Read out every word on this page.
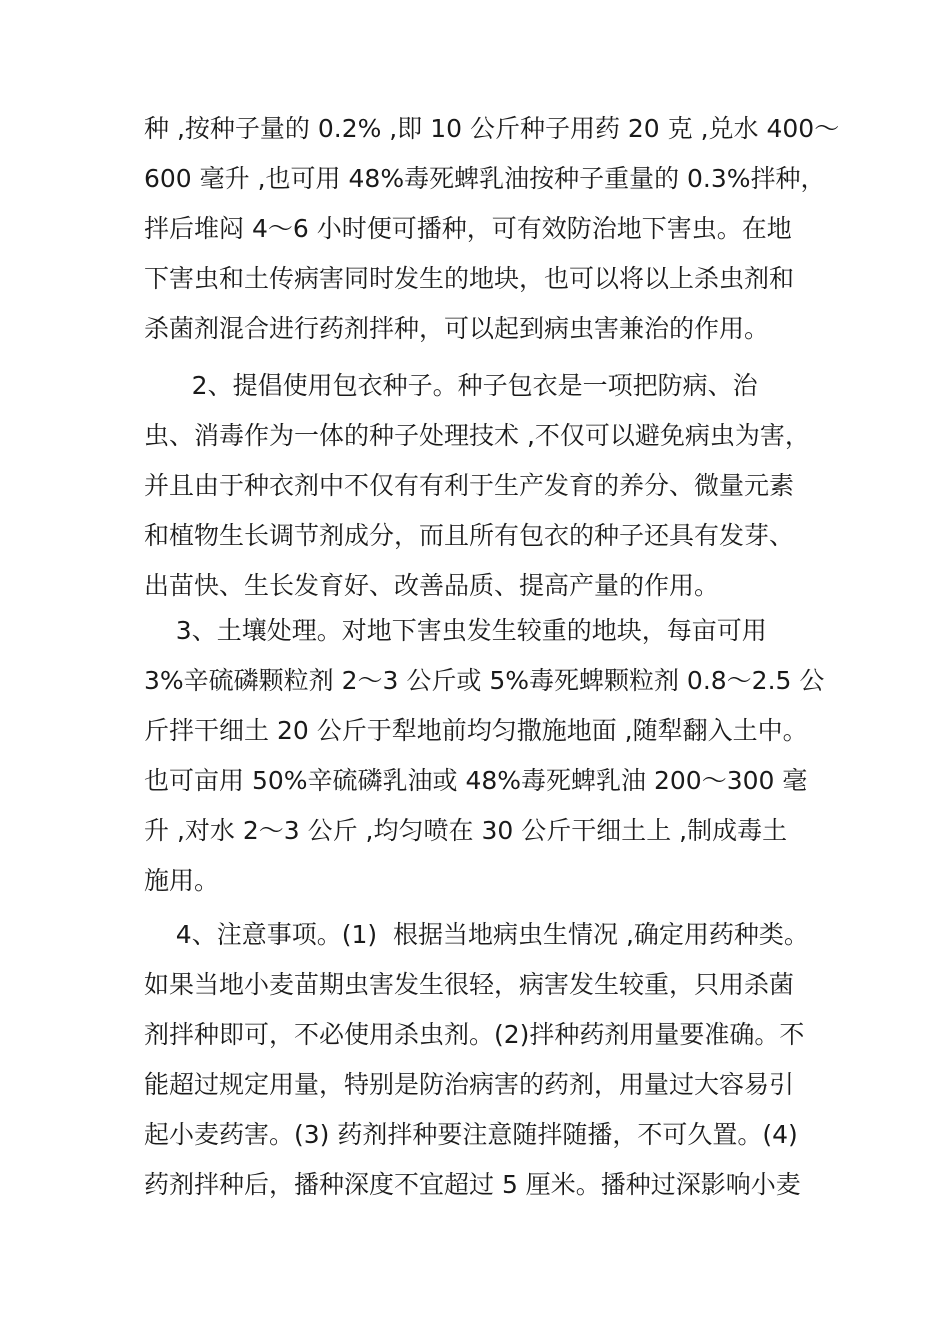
种 ,按种子量的 0.2% ,即 10 公斤种子用药 20 克 ,兑水 400～
600 毫升 ,也可用 48%毒死蜱乳油按种子重量的 0.3%拌种，
拌后堆闷 4～6 小时便可播种，可有效防治地下害虫。在地
下害虫和土传病害同时发生的地块，也可以将以上杀虫剂和
杀菌剂混合进行药剂拌种，可以起到病虫害兼治的作用。
2、提倡使用包衣种子。种子包衣是一项把防病、治
虫、消毒作为一体的种子处理技术 ,不仅可以避免病虫为害，
并且由于种衣剂中不仅有有利于生产发育的养分、微量元素
和植物生长调节剂成分，而且所有包衣的种子还具有发芽、
出苗快、生长发育好、改善品质、提高产量的作用。
3、土壤处理。对地下害虫发生较重的地块，每亩可用
3%辛硫磷颗粒剂 2～3 公斤或 5%毒死蜱颗粒剂 0.8～2.5 公
斤拌干细土 20 公斤于犁地前均匀撒施地面 ,随犁翻入土中。
也可亩用 50%辛硫磷乳油或 48%毒死蜱乳油 200～300 毫
升 ,对水 2～3 公斤 ,均匀喷在 30 公斤干细土上 ,制成毒土
施用。
4、注意事项。(1)  根据当地病虫生情况 ,确定用药种类。
如果当地小麦苗期虫害发生很轻，病害发生较重，只用杀菌
剂拌种即可，不必使用杀虫剂。(2)拌种药剂用量要准确。不
能超过规定用量，特别是防治病害的药剂，用量过大容易引
起小麦药害。(3) 药剂拌种要注意随拌随播，不可久置。(4)
药剂拌种后，播种深度不宜超过 5 厘米。播种过深影响小麦
